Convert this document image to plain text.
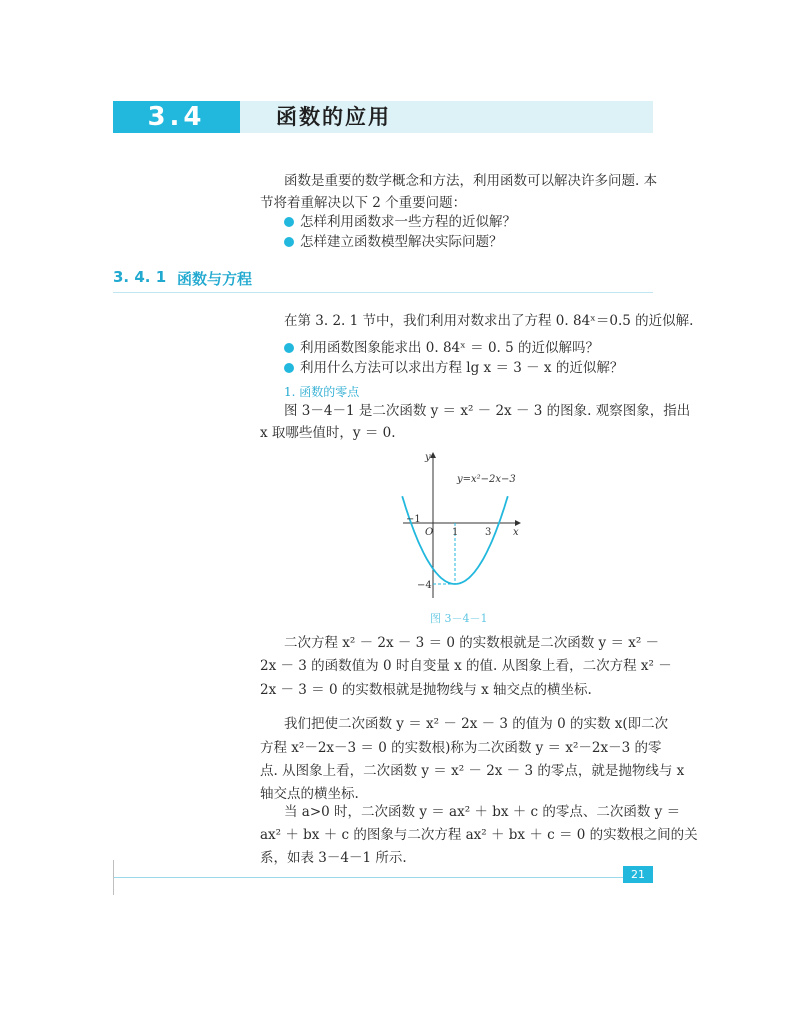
3.4	函数的应用
函数是重要的数学概念和方法，利用函数可以解决许多问题. 本
节将着重解决以下 2 个重要问题：
怎样利用函数求一些方程的近似解？
怎样建立函数模型解决实际问题？
3. 4. 1 函数与方程
在第 3. 2. 1 节中，我们利用对数求出了方程 0. 84ˣ＝0.5 的近似解.
利用函数图象能求出 0. 84ˣ ＝ 0. 5 的近似解吗？
利用什么方法可以求出方程 lg x ＝ 3 － x 的近似解？
1. 函数的零点
图 3－4－1 是二次函数 y ＝ x² － 2x － 3 的图象. 观察图象，指出
x 取哪些值时，y ＝ 0.
−1
O 1	3
−4
x
y
y=x²−2x−3
图 3－4－1
二次方程 x² － 2x － 3 ＝ 0 的实数根就是二次函数 y ＝ x² －
2x － 3 的函数值为 0 时自变量 x 的值. 从图象上看，二次方程 x² －
2x － 3 ＝ 0 的实数根就是抛物线与 x 轴交点的横坐标.
我们把使二次函数 y ＝ x² － 2x － 3 的值为 0 的实数 x(即二次
方程 x²－2x－3 ＝ 0 的实数根)称为二次函数 y ＝ x²－2x－3 的零
点. 从图象上看，二次函数 y ＝ x² － 2x － 3 的零点，就是抛物线与 x
轴交点的横坐标.
当 a>0 时，二次函数 y ＝ ax² ＋ bx ＋ c 的零点、二次函数 y ＝
ax² ＋ bx ＋ c 的图象与二次方程 ax² ＋ bx ＋ c ＝ 0 的实数根之间的关
系，如表 3－4－1 所示.
21
